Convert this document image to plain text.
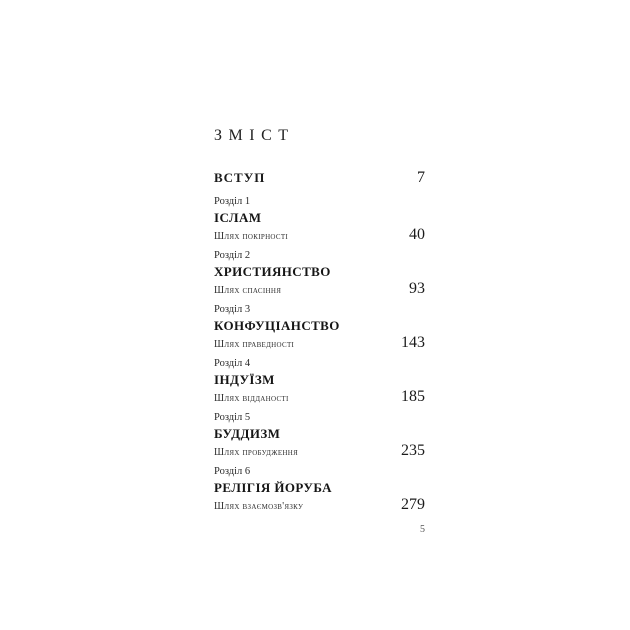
ЗМІСТ
ВСТУП	7
Розділ 1
ІСЛАМ
Шлях покірності	40
Розділ 2
ХРИСТИЯНСТВО
Шлях спасіння	93
Розділ 3
КОНФУЦІАНСТВО
Шлях праведності	143
Розділ 4
ІНДУЇЗМ
Шлях відданості	185
Розділ 5
БУДДИЗМ
Шлях пробудження	235
Розділ 6
РЕЛІГІЯ ЙОРУБА
Шлях взаємозв'язку	279
5
